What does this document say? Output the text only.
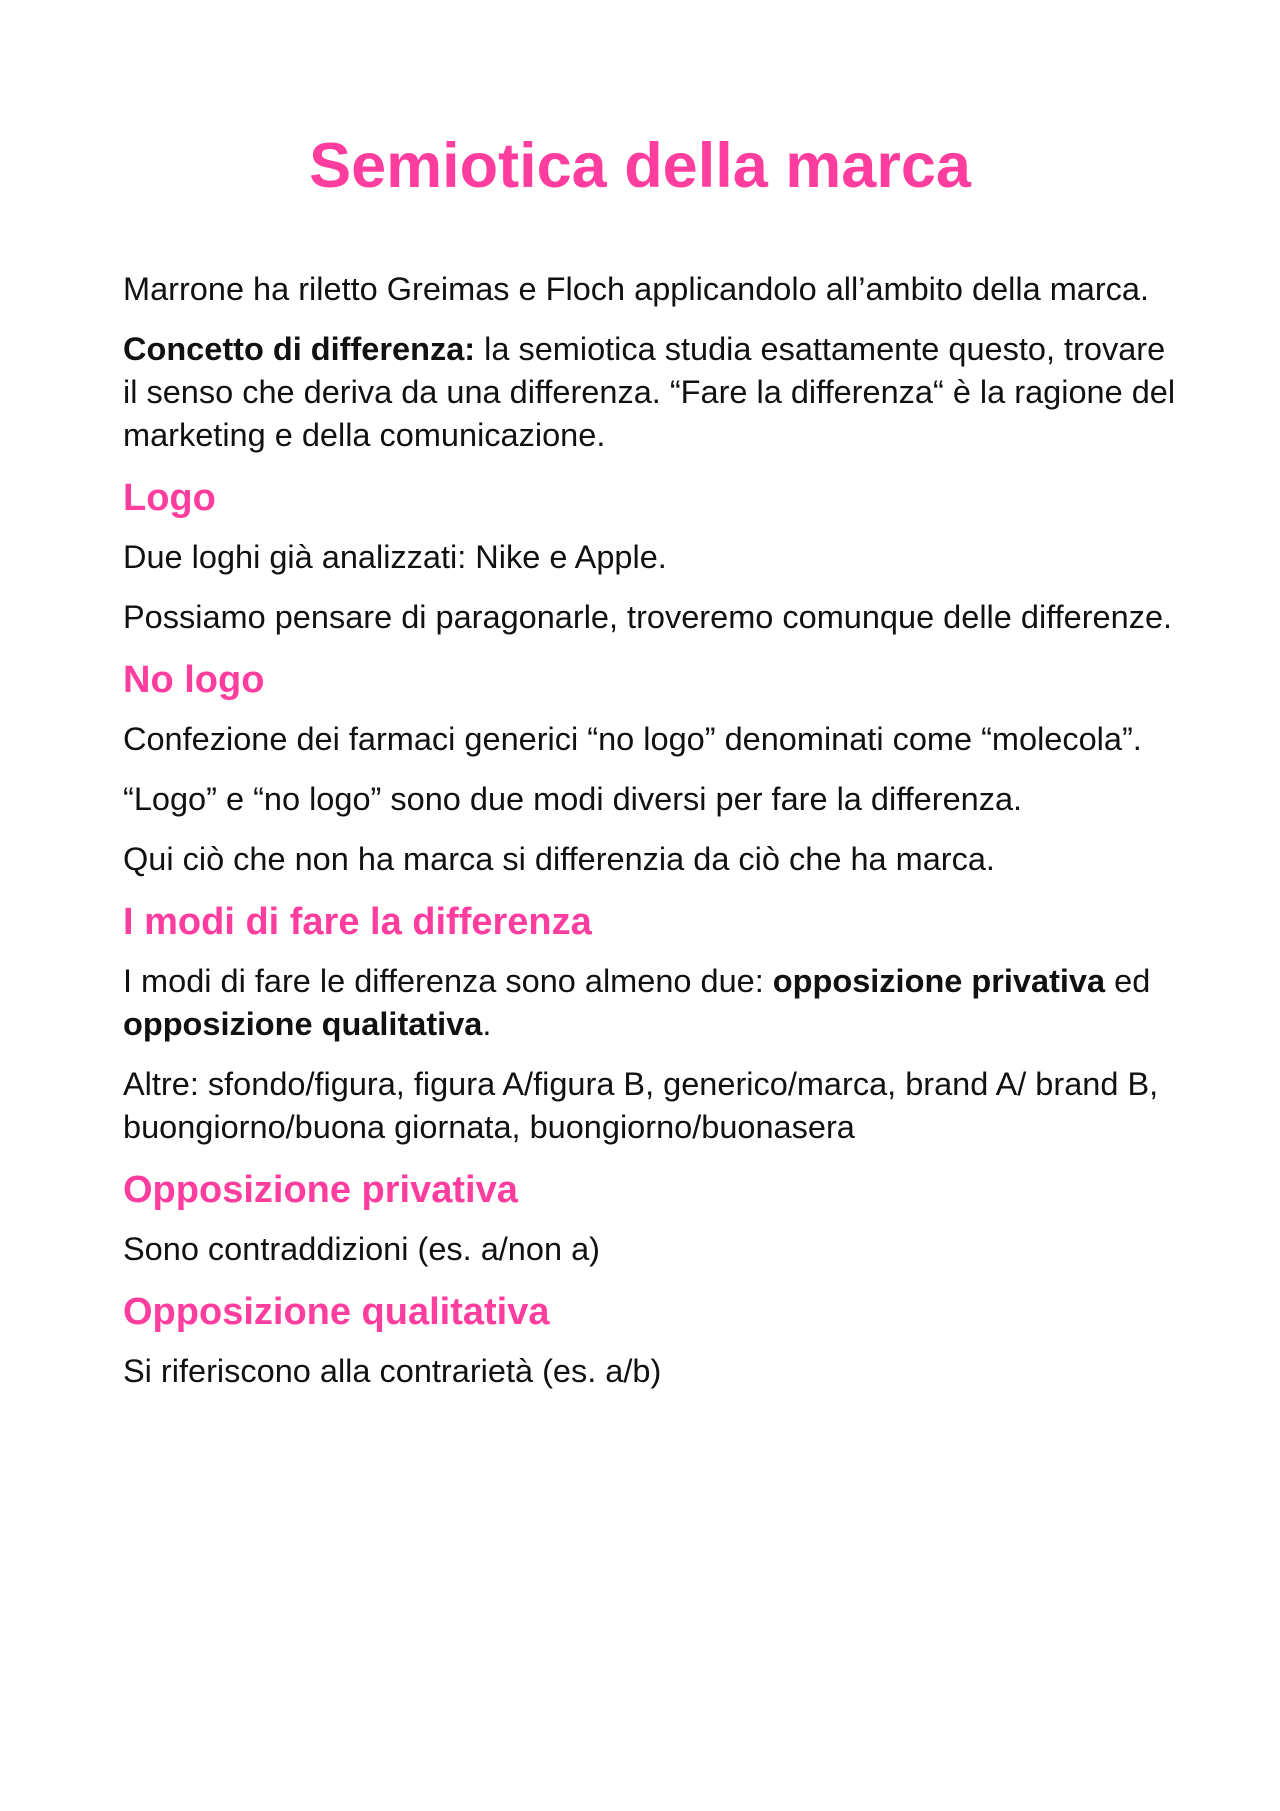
Semiotica della marca

Marrone ha riletto Greimas e Floch applicandolo all’ambito della marca.

Concetto di differenza: la semiotica studia esattamente questo, trovare il senso che deriva da una differenza. “Fare la differenza“ è la ragione del marketing e della comunicazione.

Logo

Due loghi già analizzati: Nike e Apple.

Possiamo pensare di paragonarle, troveremo comunque delle differenze.

No logo

Confezione dei farmaci generici “no logo” denominati come “molecola”.

“Logo” e “no logo” sono due modi diversi per fare la differenza.

Qui ciò che non ha marca si differenzia da ciò che ha marca.

I modi di fare la differenza

I modi di fare le differenza sono almeno due: opposizione privativa ed opposizione qualitativa.

Altre: sfondo/figura, figura A/figura B, generico/marca, brand A/ brand B, buongiorno/buona giornata, buongiorno/buonasera

Opposizione privativa

Sono contraddizioni (es. a/non a)

Opposizione qualitativa

Si riferiscono alla contrarietà (es. a/b)
